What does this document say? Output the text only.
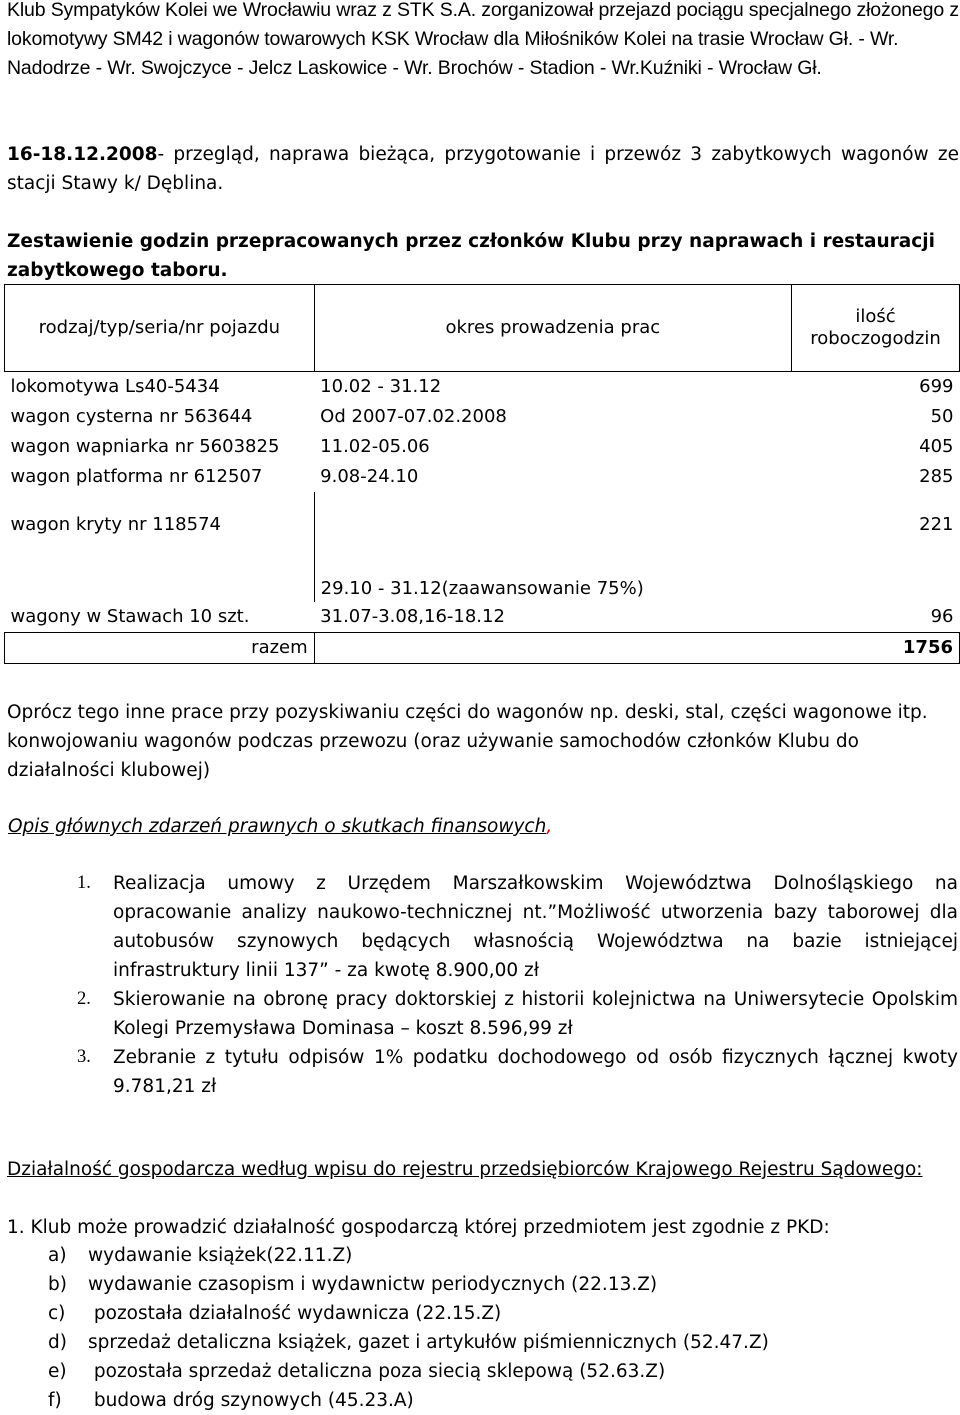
Klub Sympatyków Kolei we Wrocławiu wraz z STK S.A. zorganizował przejazd pociągu specjalnego złożonego z lokomotywy SM42 i wagonów towarowych KSK Wrocław dla Miłośników Kolei na trasie Wrocław Gł. - Wr. Nadodrze - Wr. Swojczyce - Jelcz Laskowice - Wr. Brochów - Stadion - Wr.Kuźniki - Wrocław Gł.

16-18.12.2008- przegląd, naprawa bieżąca, przygotowanie i przewóz 3 zabytkowych wagonów ze stacji Stawy k/ Dęblina.

Zestawienie godzin przepracowanych przez członków Klubu przy naprawach i restauracji zabytkowego taboru.

rodzaj/typ/seria/nr pojazdu	okres prowadzenia prac	ilość roboczogodzin
lokomotywa Ls40-5434	10.02 - 31.12	699
wagon cysterna nr 563644	Od 2007-07.02.2008	50
wagon wapniarka nr 5603825	11.02-05.06	405
wagon platforma nr 612507	9.08-24.10	285
wagon kryty nr 118574	29.10 - 31.12(zaawansowanie 75%)	221
wagony w Stawach 10 szt.	31.07-3.08,16-18.12	96
razem		1756

Oprócz tego inne prace przy pozyskiwaniu części do wagonów np. deski, stal, części wagonowe itp. konwojowaniu wagonów podczas przewozu (oraz używanie samochodów członków Klubu do działalności klubowej)

Opis głównych zdarzeń prawnych o skutkach finansowych,

1. Realizacja umowy z Urzędem Marszałkowskim Województwa Dolnośląskiego na opracowanie analizy naukowo-technicznej nt.”Możliwość utworzenia bazy taborowej dla autobusów szynowych będących własnością Województwa na bazie istniejącej infrastruktury linii 137” - za kwotę 8.900,00 zł
2. Skierowanie na obronę pracy doktorskiej z historii kolejnictwa na Uniwersytecie Opolskim Kolegi Przemysława Dominasa – koszt 8.596,99 zł
3. Zebranie z tytułu odpisów 1% podatku dochodowego od osób fizycznych łącznej kwoty 9.781,21 zł

Działalność gospodarcza według wpisu do rejestru przedsiębiorców Krajowego Rejestru Sądowego:

1. Klub może prowadzić działalność gospodarczą której przedmiotem jest zgodnie z PKD:

a) wydawanie książek(22.11.Z)
b) wydawanie czasopism i wydawnictw periodycznych (22.13.Z)
c) pozostała działalność wydawnicza (22.15.Z)
d) sprzedaż detaliczna książek, gazet i artykułów piśmiennicznych (52.47.Z)
e) pozostała sprzedaż detaliczna poza siecią sklepową (52.63.Z)
f) budowa dróg szynowych (45.23.A)
